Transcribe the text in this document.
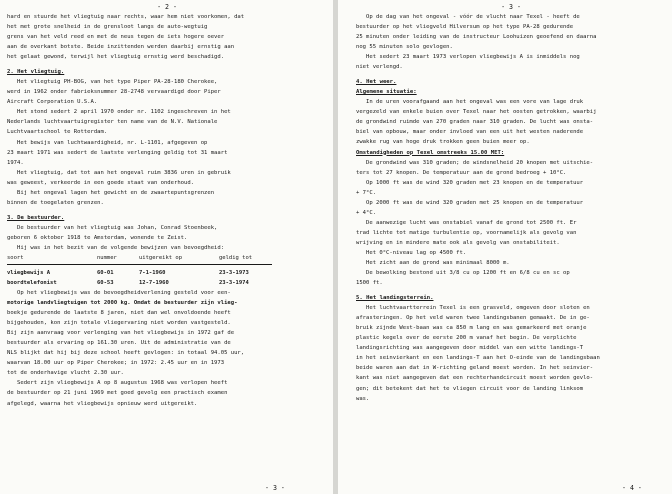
- 2 -
hard en stuurde het vliegtuig naar rechts, waar hem niet voorkomen, dat
het met grote snelheid in de grensloot langs de auto-wegtuig
grens van het veld reed en met de neus tegen de iets hogere oever
aan de overkant botste. Beide inzittenden werden daarbij ernstig aan
het gelaat gewond, terwijl het vliegtuig ernstig werd beschadigd.
2. Het vliegtuig.
Het vliegtuig PH-BOG, van het type Piper PA-28-180 Cherokee,
werd in 1962 onder fabrieksnummer 28-2748 vervaardigd door Piper
Aircraft Corporation U.S.A.
Het stond sedert 2 april 1970 onder nr. 1102 ingeschreven in het
Nederlands luchtvaartuigregister ten name van de N.V. Nationale
Luchtvaartschool te Rotterdam.
Het bewijs van luchtwaardigheid, nr. L-1101, afgegeven op
23 maart 1971 was sedert de laatste verlenging geldig tot 31 maart
1974.
Het vliegtuig, dat tot aan het ongeval ruim 3836 uren in gebruik
was geweest, verkeerde in een goede staat van onderhoud.
Bij het ongeval lagen het gewicht en de zwaartepuntsgrenzen
binnen de toegelaten grenzen.
3. De bestuurder.
De bestuurder van het vliegtuig was Johan, Conrad Stoenbeek,
geboren 6 oktober 1918 te Amsterdam, wonende te Zeist.
Hij was in het bezit van de volgende bewijzen van bevoegdheid:
soort	nummer	uitgereikt op	geldig tot
vliegbewijs A	60-01	7-1-1960	23-3-1973
boordtelefonist	60-53	12-7-1960	23-3-1974
Op het vliegbewijs was de bevoegdheidverlening gesteld voor een-
motorige landvliegtuigen tot 2000 kg. Omdat de bestuurder zijn vlieg-
boekje gedurende de laatste 8 jaren, niet dan wel onvoldoende heeft
bijgehouden, kon zijn totale vliegervaring niet worden vastgesteld.
Bij zijn aanvraag voor verlenging van het vliegbewijs in 1972 gaf de
bestuurder als ervaring op 161.30 uren. Uit de administratie van de
NLS blijkt dat hij bij deze school heeft gevlogen: in totaal 94.05 uur,
waarvan 18.00 uur op Piper Cherokee; in 1972: 2.45 uur en in 1973
tot de onderhavige vlucht 2.30 uur.
Sedert zijn vliegbewijs A op 8 augustus 1968 was verlopen heeft
de bestuurder op 21 juni 1969 met goed gevolg een practisch examen
afgelegd, waarna het vliegbewijs opnieuw werd uitgereikt.
- 3 -
- 3 -
Op de dag van het ongeval - vóór de vlucht naar Texel - heeft de
bestuurder op het vliegveld Hilversum op het type PA-28 gedurende
25 minuten onder leiding van de instructeur Loohuizen geoefend en daarna
nog 55 minuten solo gevlogen.
Het sedert 23 maart 1973 verlopen vliegbewijs A is inmiddels nog
niet verlengd.
4. Het weer.
Algemene situatie:
In de uren voorafgaand aan het ongeval was een vore van lage druk
vergezeld van enkele buien over Texel naar het oosten getrokken, waarbij
de grondwind ruimde van 270 graden naar 310 graden. De lucht was onsta-
biel van opbouw, maar onder invloed van een uit het westen naderende
zwakke rug van hoge druk trokken geen buien meer op.
Omstandigheden op Texel omstreeks 15.00 MET:
De grondwind was 310 graden; de windsnelheid 20 knopen met uitschie-
ters tot 27 knopen. De temperatuur aan de grond bedroeg + 10°C.
Op 1000 ft was de wind 320 graden met 23 knopen en de temperatuur
+ 7°C.
Op 2000 ft was de wind 320 graden met 25 knopen en de temperatuur
+ 4°C.
De aanwezige lucht was onstabiel vanaf de grond tot 2500 ft. Er
trad lichte tot matige turbulentie op, voornamelijk als gevolg van
wrijving en in mindere mate ook als gevolg van onstabiliteit.
Het 0°C-niveau lag op 4500 ft.
Het zicht aan de grond was minimaal 8000 m.
De bewolking bestond uit 3/8 cu op 1200 ft en 6/8 cu en sc op
1500 ft.
5. Het landingsterrein.
Het luchtvaartterrein Texel is een grasveld, omgeven door sloten en
afrasteringen. Op het veld waren twee landingsbanen gemaakt. De in ge-
bruik zijnde West-baan was ca 850 m lang en was gemarkeerd met oranje
plastic kegels over de eerste 200 m vanaf het begin. De verplichte
landingsrichting was aangegeven door middel van een witte landings-T
in het seinvierkant en een landings-T aan het O-einde van de landingsbaan
beide waren aan dat in W-richting geland moest worden. In het seinvier-
kant was niet aangegeven dat een rechterhandcircuit moest worden gevlo-
gen; dit betekent dat het te vliegen circuit voor de landing linksom
was.
- 4 -
